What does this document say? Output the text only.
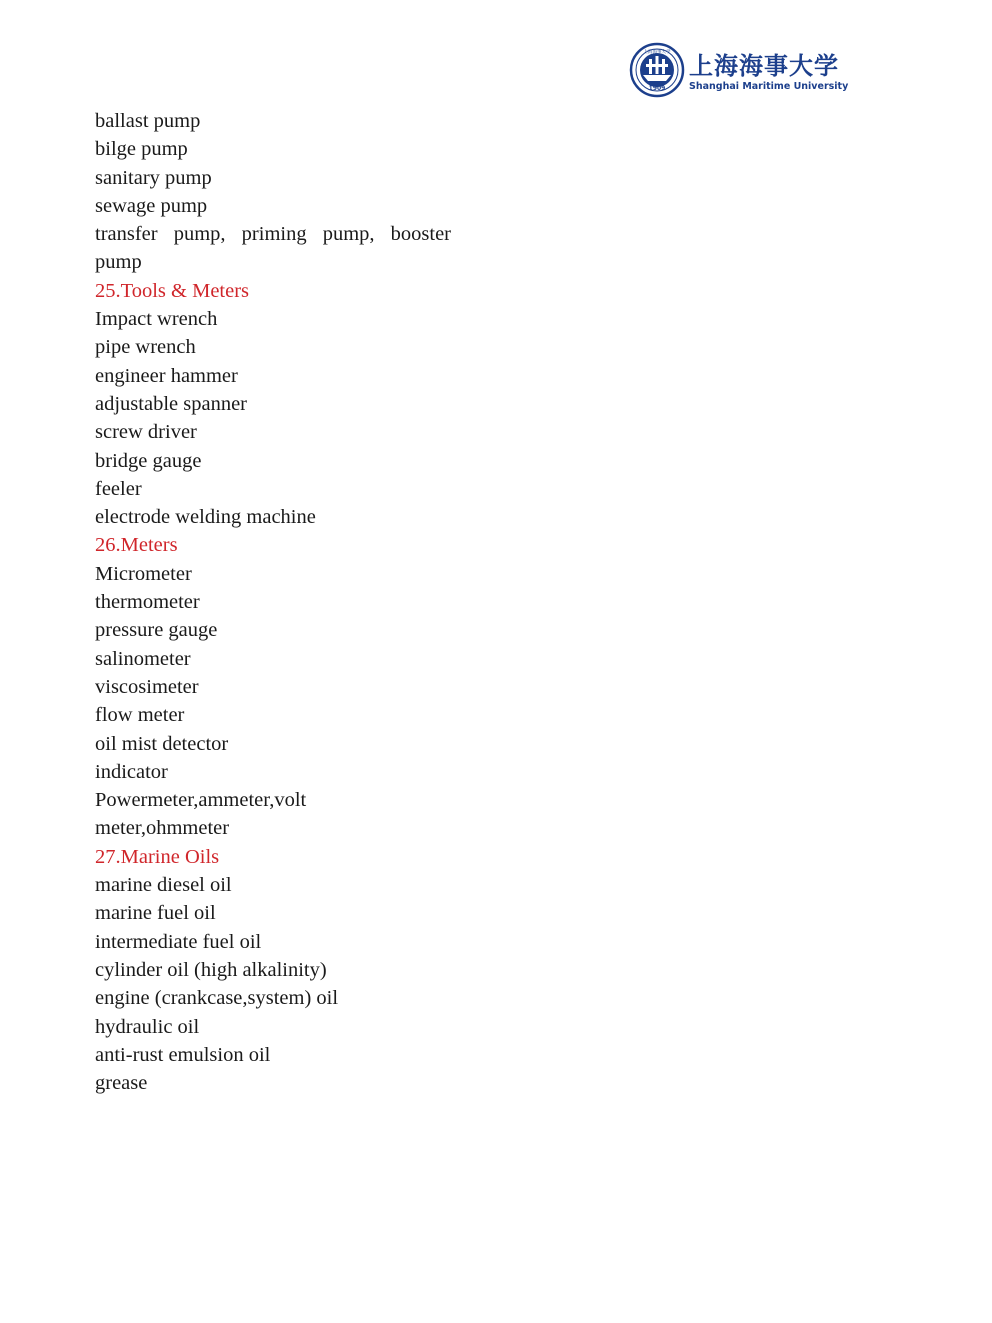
1909
上海海事大学 上海海事大学
Shanghai Maritime University
ballast pump
bilge pump
sanitary pump
sewage pump
transfer pump, priming pump, booster
pump
25.Tools & Meters
Impact wrench
pipe wrench
engineer hammer
adjustable spanner
screw driver
bridge gauge
feeler
electrode welding machine
26.Meters
Micrometer
thermometer
pressure gauge
salinometer
viscosimeter
flow meter
oil mist detector
indicator
Powermeter,ammeter,volt
meter,ohmmeter
27.Marine Oils
marine diesel oil
marine fuel oil
intermediate fuel oil
cylinder oil (high alkalinity)
engine (crankcase,system) oil
hydraulic oil
anti-rust emulsion oil
grease
